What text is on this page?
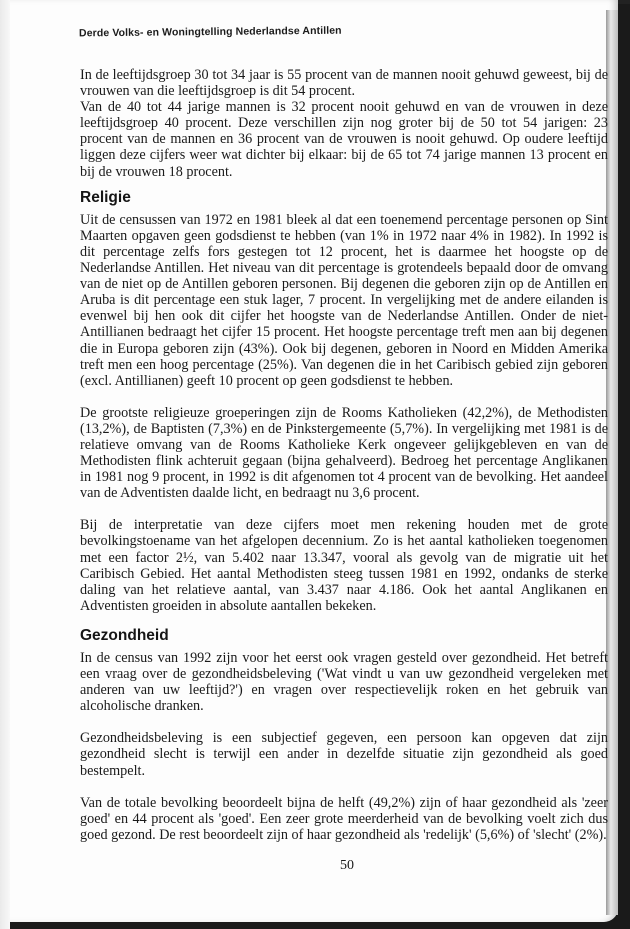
Derde Volks- en Woningtelling Nederlandse Antillen

In de leeftijdsgroep 30 tot 34 jaar is 55 procent van de mannen nooit gehuwd geweest, bij de vrouwen van die leeftijdsgroep is dit 54 procent.

Van de 40 tot 44 jarige mannen is 32 procent nooit gehuwd en van de vrouwen in deze leeftijdsgroep 40 procent. Deze verschillen zijn nog groter bij de 50 tot 54 jarigen: 23 procent van de mannen en 36 procent van de vrouwen is nooit gehuwd. Op oudere leeftijd liggen deze cijfers weer wat dichter bij elkaar: bij de 65 tot 74 jarige mannen 13 procent en bij de vrouwen 18 procent.

Religie

Uit de censussen van 1972 en 1981 bleek al dat een toenemend percentage personen op Sint Maarten opgaven geen godsdienst te hebben (van 1% in 1972 naar 4% in 1982). In 1992 is dit percentage zelfs fors gestegen tot 12 procent, het is daarmee het hoogste op de Nederlandse Antillen. Het niveau van dit percentage is grotendeels bepaald door de omvang van de niet op de Antillen geboren personen. Bij degenen die geboren zijn op de Antillen en Aruba is dit percentage een stuk lager, 7 procent. In vergelijking met de andere eilanden is evenwel bij hen ook dit cijfer het hoogste van de Nederlandse Antillen. Onder de niet-Antillianen bedraagt het cijfer 15 procent. Het hoogste percentage treft men aan bij degenen die in Europa geboren zijn (43%). Ook bij degenen, geboren in Noord en Midden Amerika treft men een hoog percentage (25%). Van degenen die in het Caribisch gebied zijn geboren (excl. Antillianen) geeft 10 procent op geen godsdienst te hebben.

De grootste religieuze groeperingen zijn de Rooms Katholieken (42,2%), de Methodisten (13,2%), de Baptisten (7,3%) en de Pinkstergemeente (5,7%). In vergelijking met 1981 is de relatieve omvang van de Rooms Katholieke Kerk ongeveer gelijkgebleven en van de Methodisten flink achteruit gegaan (bijna gehalveerd). Bedroeg het percentage Anglikanen in 1981 nog 9 procent, in 1992 is dit afgenomen tot 4 procent van de bevolking. Het aandeel van de Adventisten daalde licht, en bedraagt nu 3,6 procent.

Bij de interpretatie van deze cijfers moet men rekening houden met de grote bevolkingstoename van het afgelopen decennium. Zo is het aantal katholieken toegenomen met een factor 2½, van 5.402 naar 13.347, vooral als gevolg van de migratie uit het Caribisch Gebied. Het aantal Methodisten steeg tussen 1981 en 1992, ondanks de sterke daling van het relatieve aantal, van 3.437 naar 4.186. Ook het aantal Anglikanen en Adventisten groeiden in absolute aantallen bekeken.

Gezondheid

In de census van 1992 zijn voor het eerst ook vragen gesteld over gezondheid. Het betreft een vraag over de gezondheidsbeleving ('Wat vindt u van uw gezondheid vergeleken met anderen van uw leeftijd?') en vragen over respectievelijk roken en het gebruik van alcoholische dranken.

Gezondheidsbeleving is een subjectief gegeven, een persoon kan opgeven dat zijn gezondheid slecht is terwijl een ander in dezelfde situatie zijn gezondheid als goed bestempelt.

Van de totale bevolking beoordeelt bijna de helft (49,2%) zijn of haar gezondheid als 'zeer goed' en 44 procent als 'goed'. Een zeer grote meerderheid van de bevolking voelt zich dus goed gezond. De rest beoordeelt zijn of haar gezondheid als 'redelijk' (5,6%) of 'slecht' (2%).

50
